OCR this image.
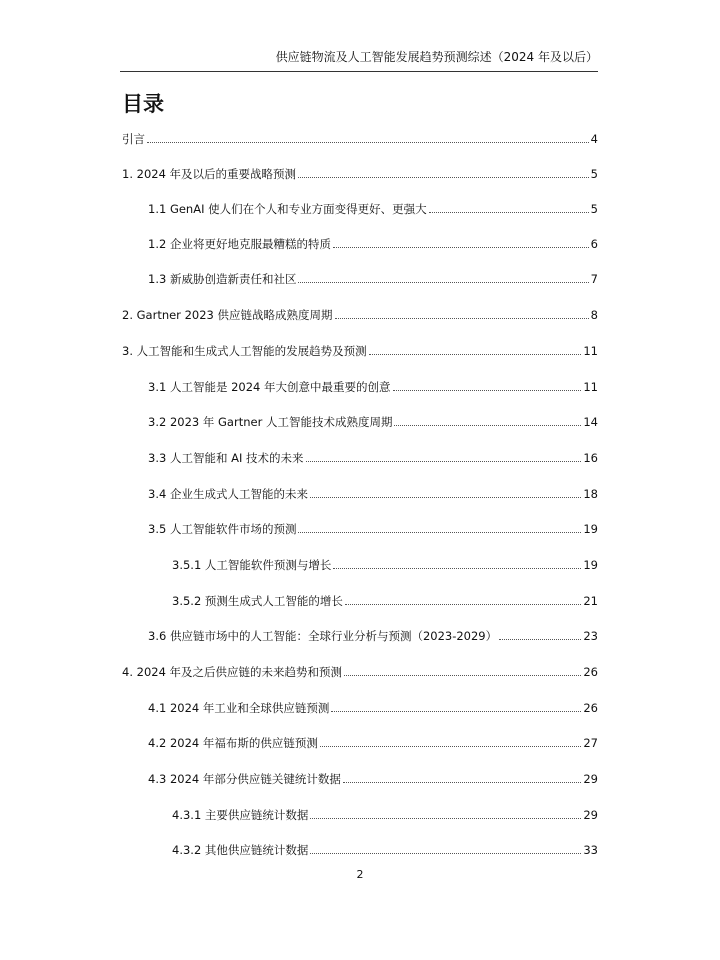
供应链物流及人工智能发展趋势预测综述（2024 年及以后）
目录
引言	4
1. 2024 年及以后的重要战略预测	5
1.1 GenAI 使人们在个人和专业方面变得更好、更强大	5
1.2 企业将更好地克服最糟糕的特质	6
1.3 新威胁创造新责任和社区	7
2. Gartner 2023 供应链战略成熟度周期	8
3. 人工智能和生成式人工智能的发展趋势及预测	11
3.1 人工智能是 2024 年大创意中最重要的创意	11
3.2 2023 年 Gartner 人工智能技术成熟度周期	14
3.3 人工智能和 AI 技术的未来	16
3.4 企业生成式人工智能的未来	18
3.5 人工智能软件市场的预测	19
3.5.1 人工智能软件预测与增长	19
3.5.2 预测生成式人工智能的增长	21
3.6 供应链市场中的人工智能：全球行业分析与预测（2023-2029）	23
4. 2024 年及之后供应链的未来趋势和预测	26
4.1 2024 年工业和全球供应链预测	26
4.2 2024 年福布斯的供应链预测	27
4.3 2024 年部分供应链关键统计数据	29
4.3.1 主要供应链统计数据	29
4.3.2 其他供应链统计数据	33
2
